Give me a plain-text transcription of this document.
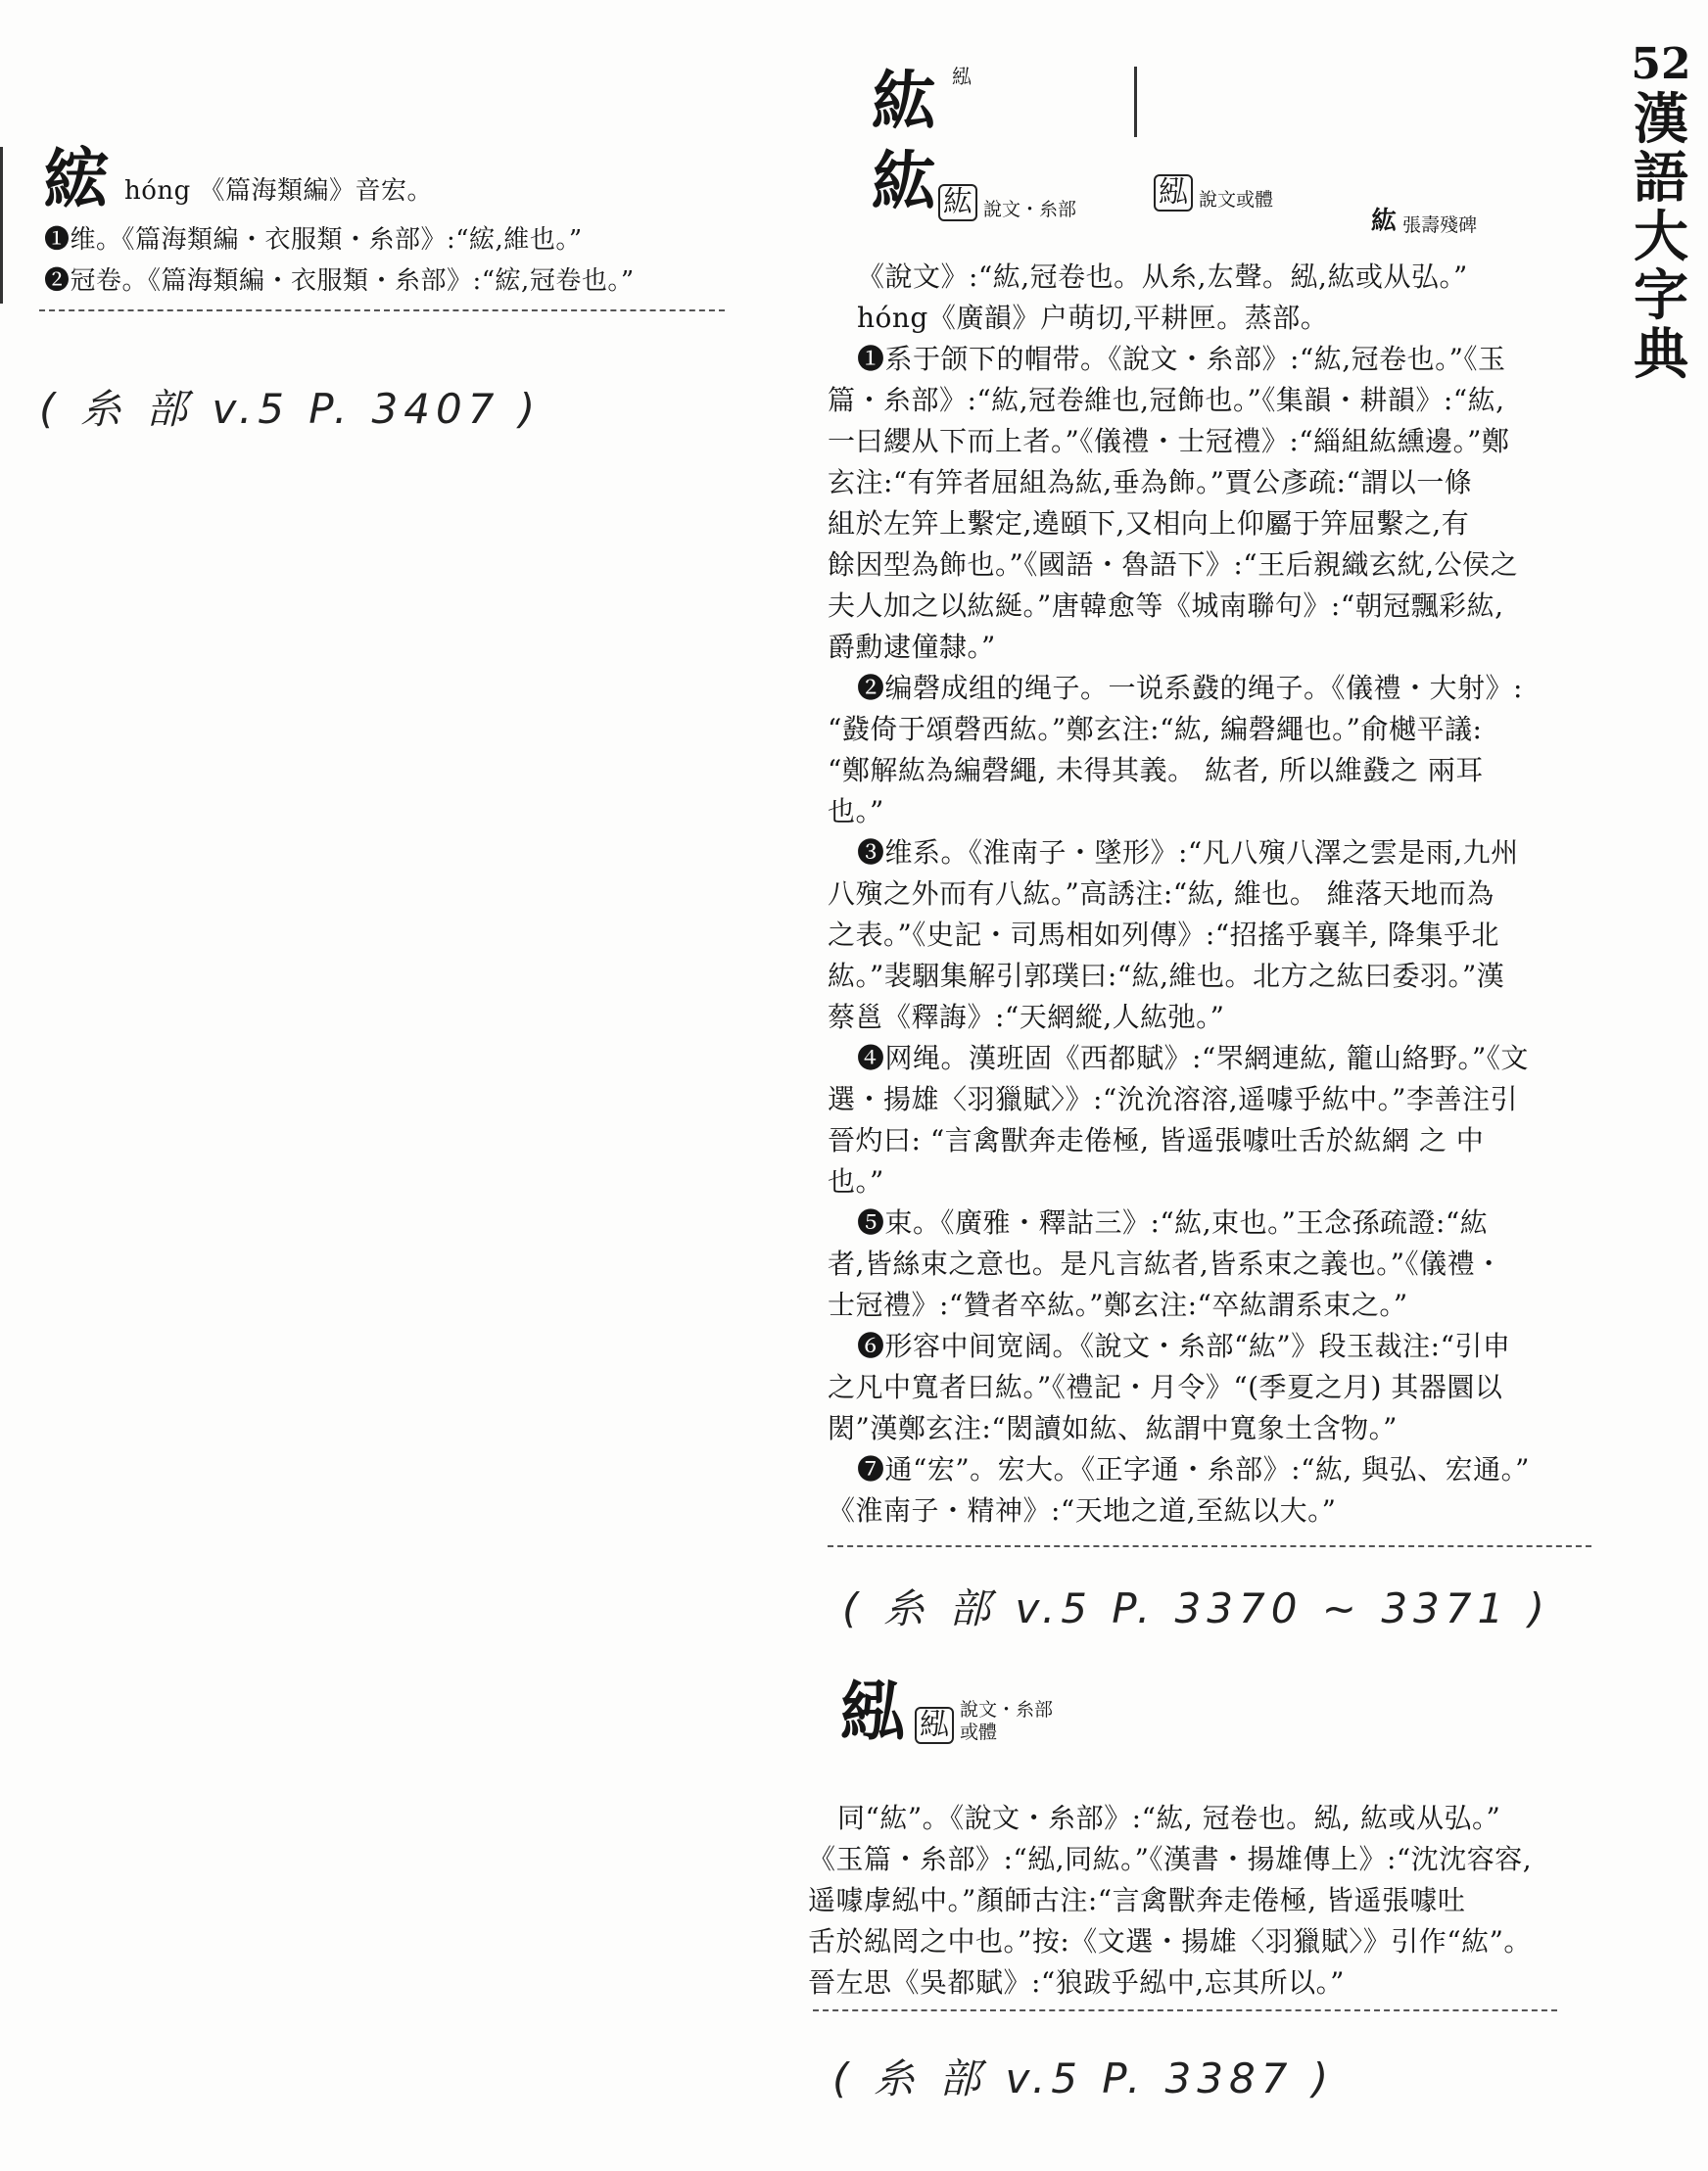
52
漢
語
大
字
典
綋 hóng 《篇海類編》音宏。
❶维。《篇海類編・衣服類・糸部》:“綋,維也。”
❷冠卷。《篇海類編・衣服類・糸部》:“綋,冠卷也。”
( 糸 部 v.5 P. 3407 )
紘 紭
紘 紘 說文・糸部
紭 說文或體
紘 張壽殘碑
《說文》:“紘,冠卷也。从糸,厷聲。紭,紘或从弘。”
hóng《廣韻》户萌切,平耕匣。蒸部。
❶系于颌下的帽带。《說文・糸部》:“紘,冠卷也。”《玉
篇・糸部》:“紘,冠卷維也,冠飾也。”《集韻・耕韻》:“紘,
一曰纓从下而上者。”《儀禮・士冠禮》:“緇組紘纁邊。”鄭
玄注:“有笄者屈組為紘,垂為飾。”賈公彥疏:“謂以一條
組於左笄上繫定,遶頤下,又相向上仰屬于笄屈繫之,有
餘因型為飾也。”《國語・魯語下》:“王后親織玄紞,公侯之
夫人加之以紘綖。”唐韓愈等《城南聯句》:“朝冠飄彩紘,
爵勳逮僮隸。”
❷编磬成组的绳子。一说系鼗的绳子。《儀禮・大射》:
“鼗倚于頌磬西紘。”鄭玄注:“紘, 編磬繩也。”俞樾平議:
“鄭解紘為編磬繩, 未得其義。 紘者, 所以維鼗之 兩耳
也。”
❸维系。《淮南子・墜形》:“凡八殥八澤之雲是雨,九州
八殥之外而有八紘。”高誘注:“紘, 維也。 維落天地而為
之表。”《史記・司馬相如列傳》:“招搖乎襄羊, 降集乎北
紘。”裴駰集解引郭璞曰:“紘,維也。北方之紘曰委羽。”漢
蔡邕《釋誨》:“天網縱,人紘弛。”
❹网绳。漢班固《西都賦》:“罘網連紘, 籠山絡野。”《文
選・揚雄〈羽獵賦〉》:“沇沇溶溶,遥噱乎紘中。”李善注引
晉灼曰: “言禽獸奔走倦極, 皆遥張噱吐舌於紘網 之 中
也。”
❺束。《廣雅・釋詁三》:“紘,束也。”王念孫疏證:“紘
者,皆絲束之意也。是凡言紘者,皆系束之義也。”《儀禮・
士冠禮》:“贊者卒紘。”鄭玄注:“卒紘謂系束之。”
❻形容中间宽阔。《說文・糸部“紘”》段玉裁注:“引申
之凡中寬者曰紘。”《禮記・月令》“(季夏之月) 其器圜以
閎”漢鄭玄注:“閎讀如紘、紘謂中寬象土含物。”
❼通“宏”。宏大。《正字通・糸部》:“紘, 與弘、宏通。”
《淮南子・精神》:“天地之道,至紘以大。”
( 糸 部 v.5 P. 3370 ~ 3371 )
紭 紭 說文・糸部
或體
同“紘”。《說文・糸部》:“紘, 冠卷也。紭, 紘或从弘。”
《玉篇・糸部》:“紭,同紘。”《漢書・揚雄傳上》:“沈沈容容,
遥噱虖紭中。”顏師古注:“言禽獸奔走倦極, 皆遥張噱吐
舌於紭罔之中也。”按:《文選・揚雄〈羽獵賦〉》引作“紘”。
晉左思《吳都賦》:“狼跋乎紭中,忘其所以。”
( 糸 部 v.5 P. 3387 )
